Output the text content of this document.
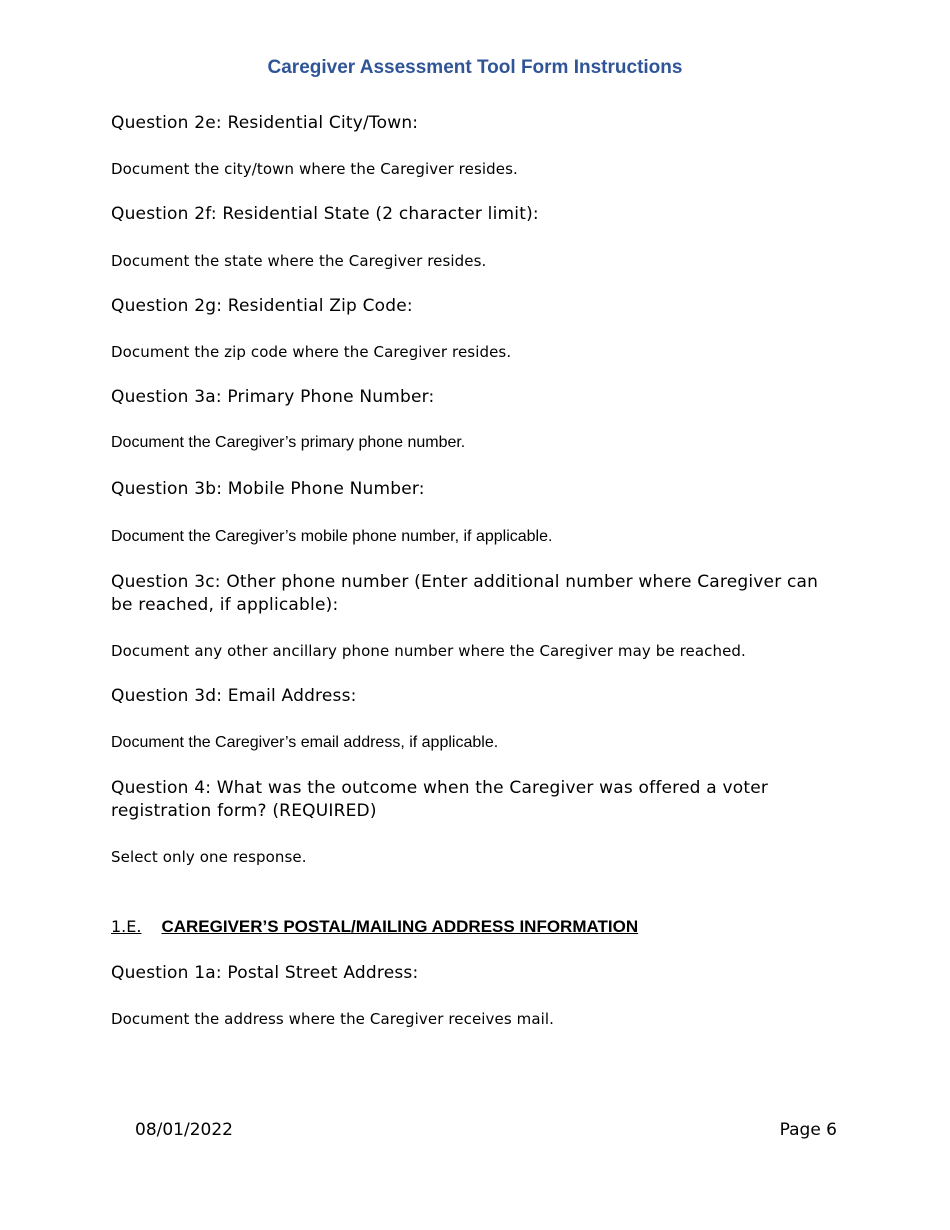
Caregiver Assessment Tool Form Instructions

Question 2e: Residential City/Town:

Document the city/town where the Caregiver resides.

Question 2f: Residential State (2 character limit):

Document the state where the Caregiver resides.

Question 2g: Residential Zip Code:

Document the zip code where the Caregiver resides.

Question 3a: Primary Phone Number:

Document the Caregiver’s primary phone number.

Question 3b: Mobile Phone Number:

Document the Caregiver’s mobile phone number, if applicable.

Question 3c: Other phone number (Enter additional number where Caregiver can be reached, if applicable):

Document any other ancillary phone number where the Caregiver may be reached.

Question 3d: Email Address:

Document the Caregiver’s email address, if applicable.

Question 4: What was the outcome when the Caregiver was offered a voter registration form? (REQUIRED)

Select only one response.

1.E. CAREGIVER’S POSTAL/MAILING ADDRESS INFORMATION

Question 1a: Postal Street Address:

Document the address where the Caregiver receives mail.

08/01/2022	Page 6
